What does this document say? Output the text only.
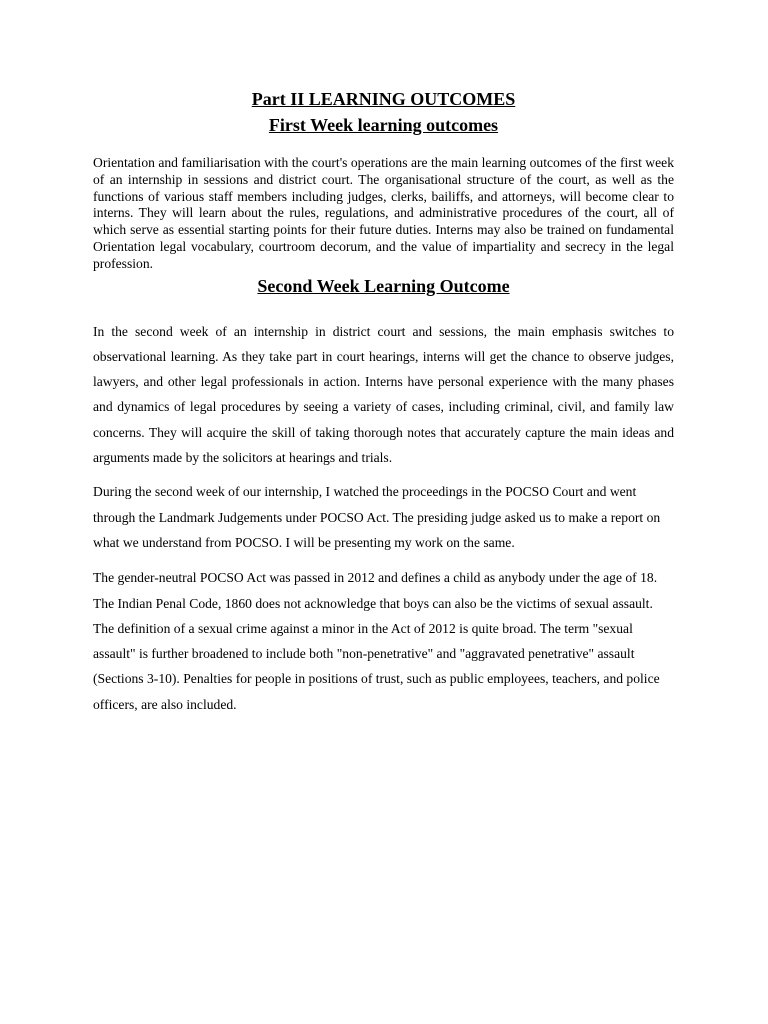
Part II LEARNING OUTCOMES
First Week learning outcomes

Orientation and familiarisation with the court's operations are the main learning outcomes of the first week of an internship in sessions and district court. The organisational structure of the court, as well as the functions of various staff members including judges, clerks, bailiffs, and attorneys, will become clear to interns. They will learn about the rules, regulations, and administrative procedures of the court, all of which serve as essential starting points for their future duties. Interns may also be trained on fundamental Orientation legal vocabulary, courtroom decorum, and the value of impartiality and secrecy in the legal profession.

Second Week Learning Outcome

In the second week of an internship in district court and sessions, the main emphasis switches to observational learning. As they take part in court hearings, interns will get the chance to observe judges, lawyers, and other legal professionals in action. Interns have personal experience with the many phases and dynamics of legal procedures by seeing a variety of cases, including criminal, civil, and family law concerns. They will acquire the skill of taking thorough notes that accurately capture the main ideas and arguments made by the solicitors at hearings and trials.

During the second week of our internship, I watched the proceedings in the POCSO Court and went through the Landmark Judgements under POCSO Act. The presiding judge asked us to make a report on what we understand from POCSO. I will be presenting my work on the same.

The gender-neutral POCSO Act was passed in 2012 and defines a child as anybody under the age of 18. The Indian Penal Code, 1860 does not acknowledge that boys can also be the victims of sexual assault. The definition of a sexual crime against a minor in the Act of 2012 is quite broad. The term "sexual assault" is further broadened to include both "non-penetrative" and "aggravated penetrative" assault (Sections 3-10). Penalties for people in positions of trust, such as public employees, teachers, and police officers, are also included.
